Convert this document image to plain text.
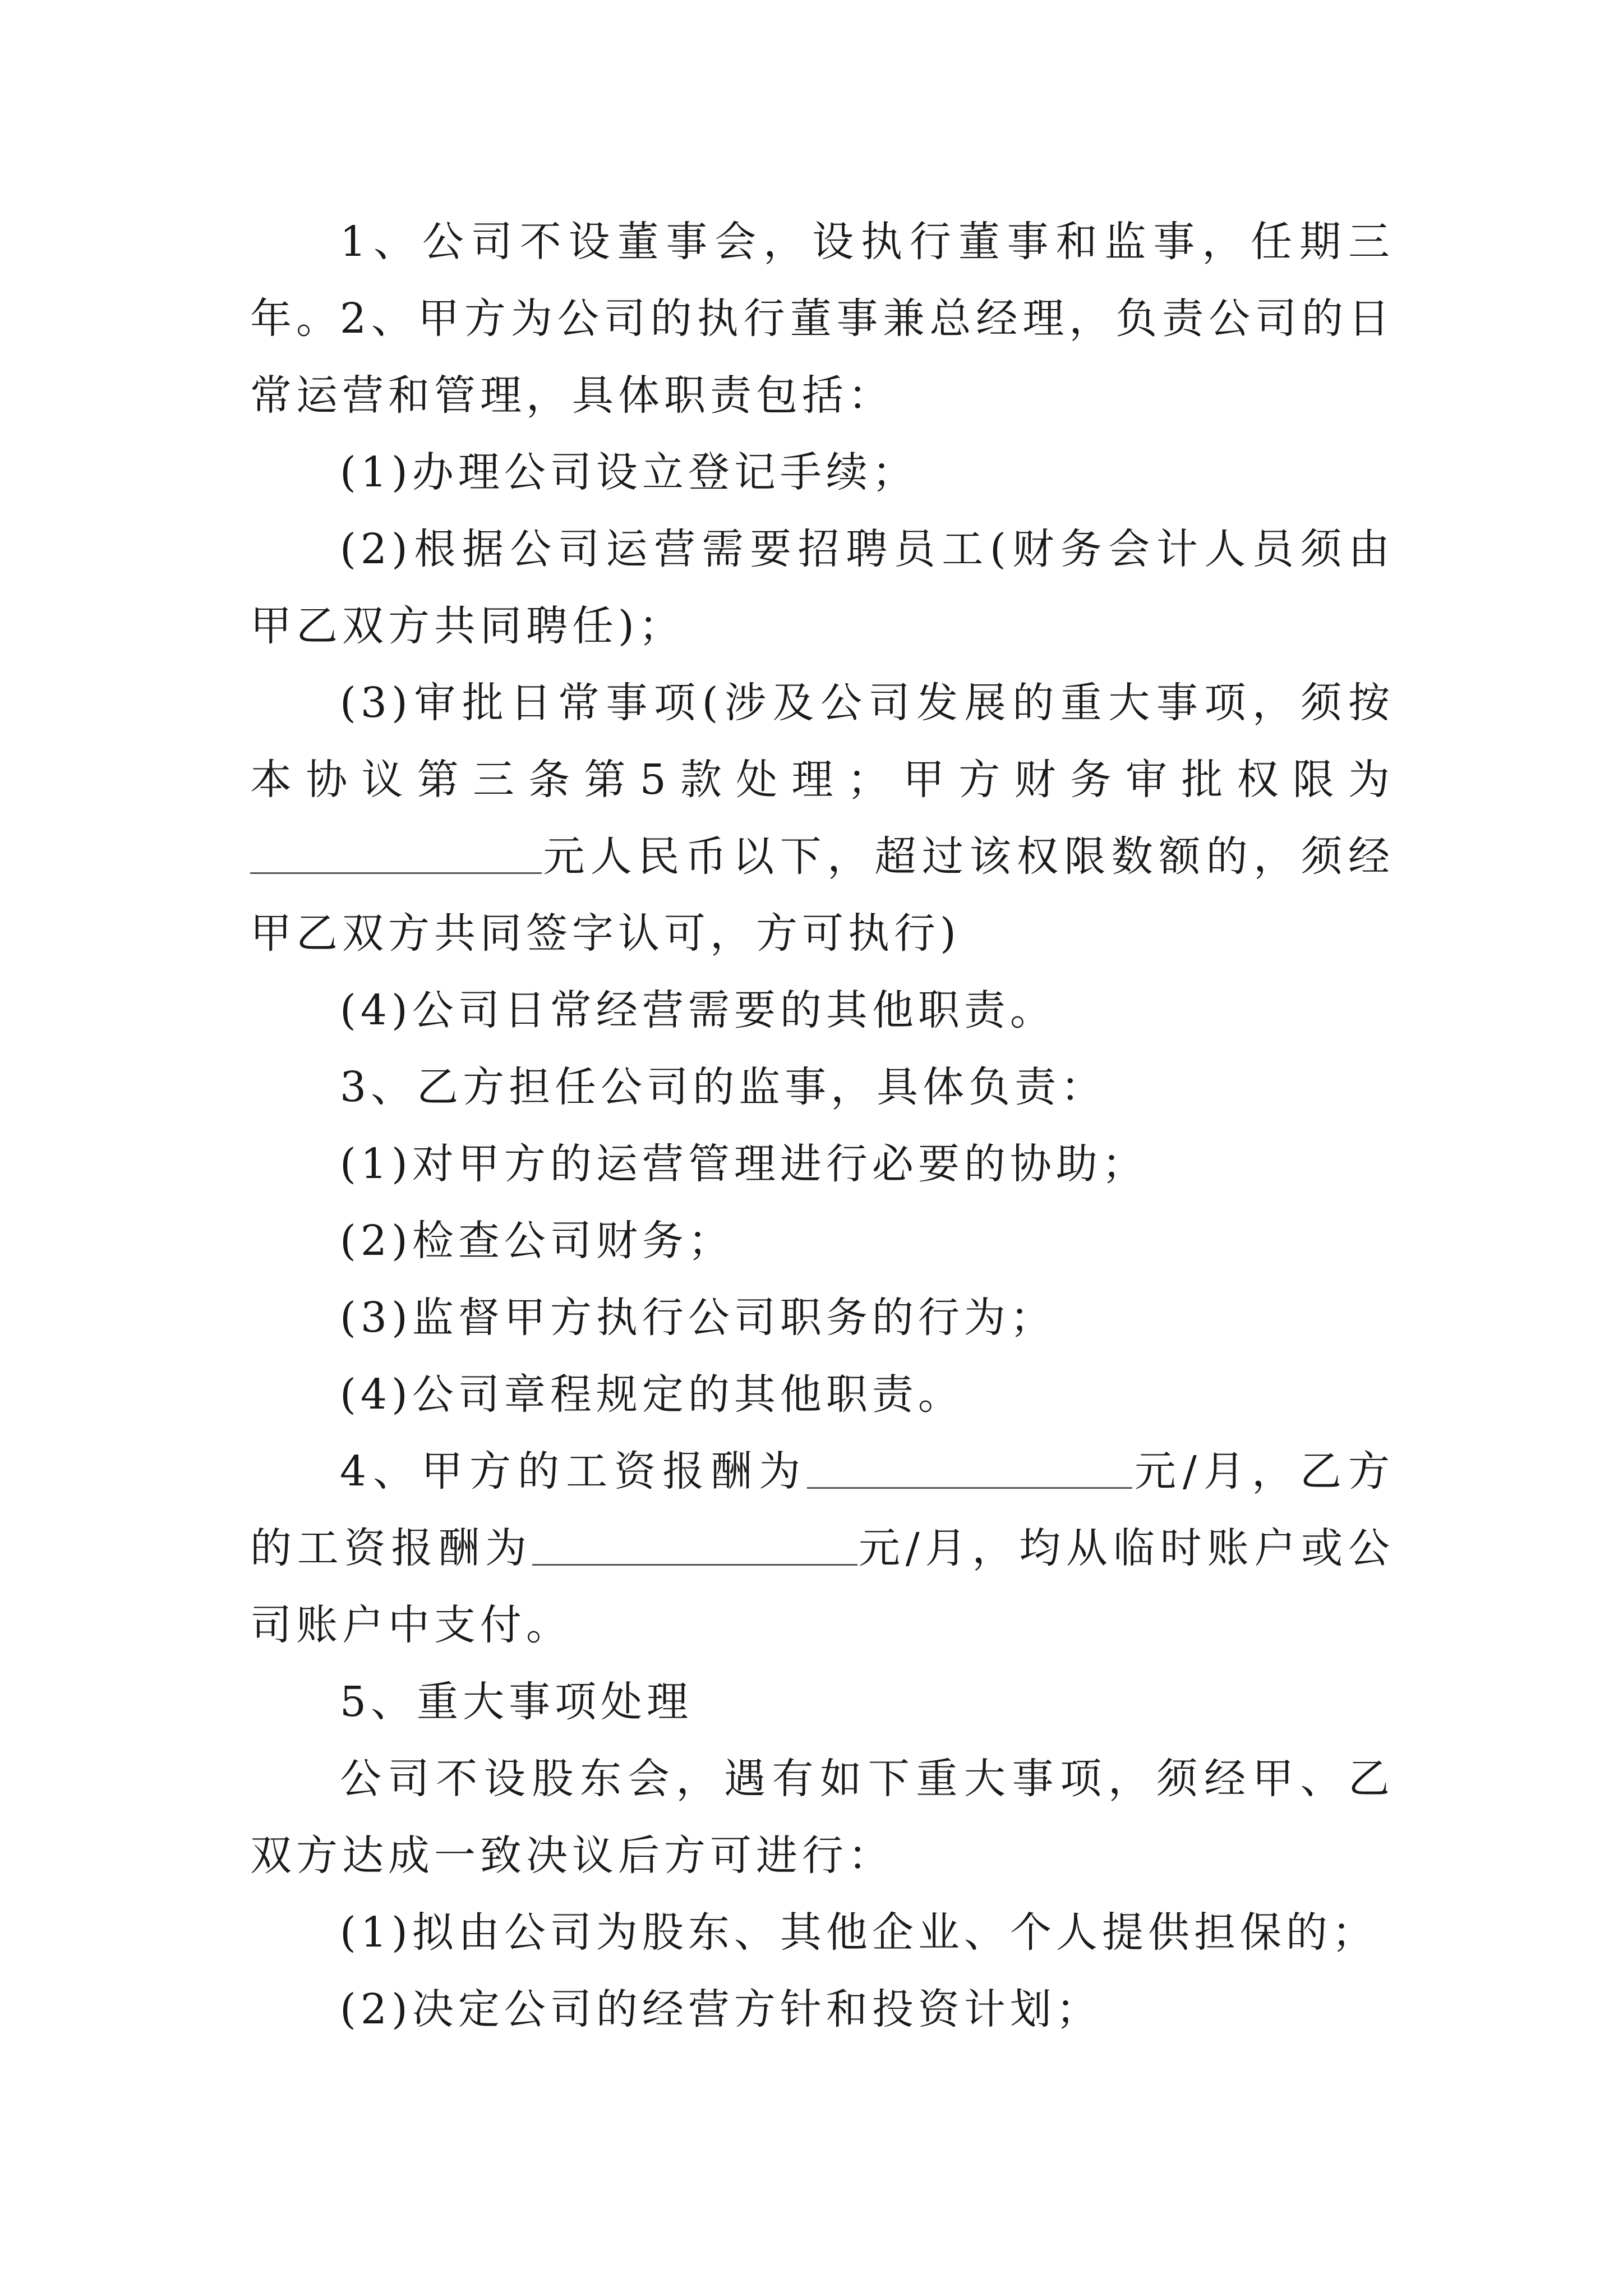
1、公司不设董事会，设执行董事和监事，任期三年。

2、甲方为公司的执行董事兼总经理，负责公司的日常运营和管理，具体职责包括：

(1)办理公司设立登记手续；

(2)根据公司运营需要招聘员工(财务会计人员须由甲乙双方共同聘任)；

(3)审批日常事项(涉及公司发展的重大事项，须按本协议第三条第5款处理；甲方财务审批权限为元人民币以下，超过该权限数额的，须经甲乙双方共同签字认可，方可执行)

(4)公司日常经营需要的其他职责。

3、乙方担任公司的监事，具体负责：

(1)对甲方的运营管理进行必要的协助；

(2)检查公司财务；

(3)监督甲方执行公司职务的行为；

(4)公司章程规定的其他职责。

4、甲方的工资报酬为	元/月，乙方的工资报酬为	元/月，均从临时账户或公司账户中支付。

5、重大事项处理

公司不设股东会，遇有如下重大事项，须经甲、乙双方达成一致决议后方可进行：

(1)拟由公司为股东、其他企业、个人提供担保的；

(2)决定公司的经营方针和投资计划；
